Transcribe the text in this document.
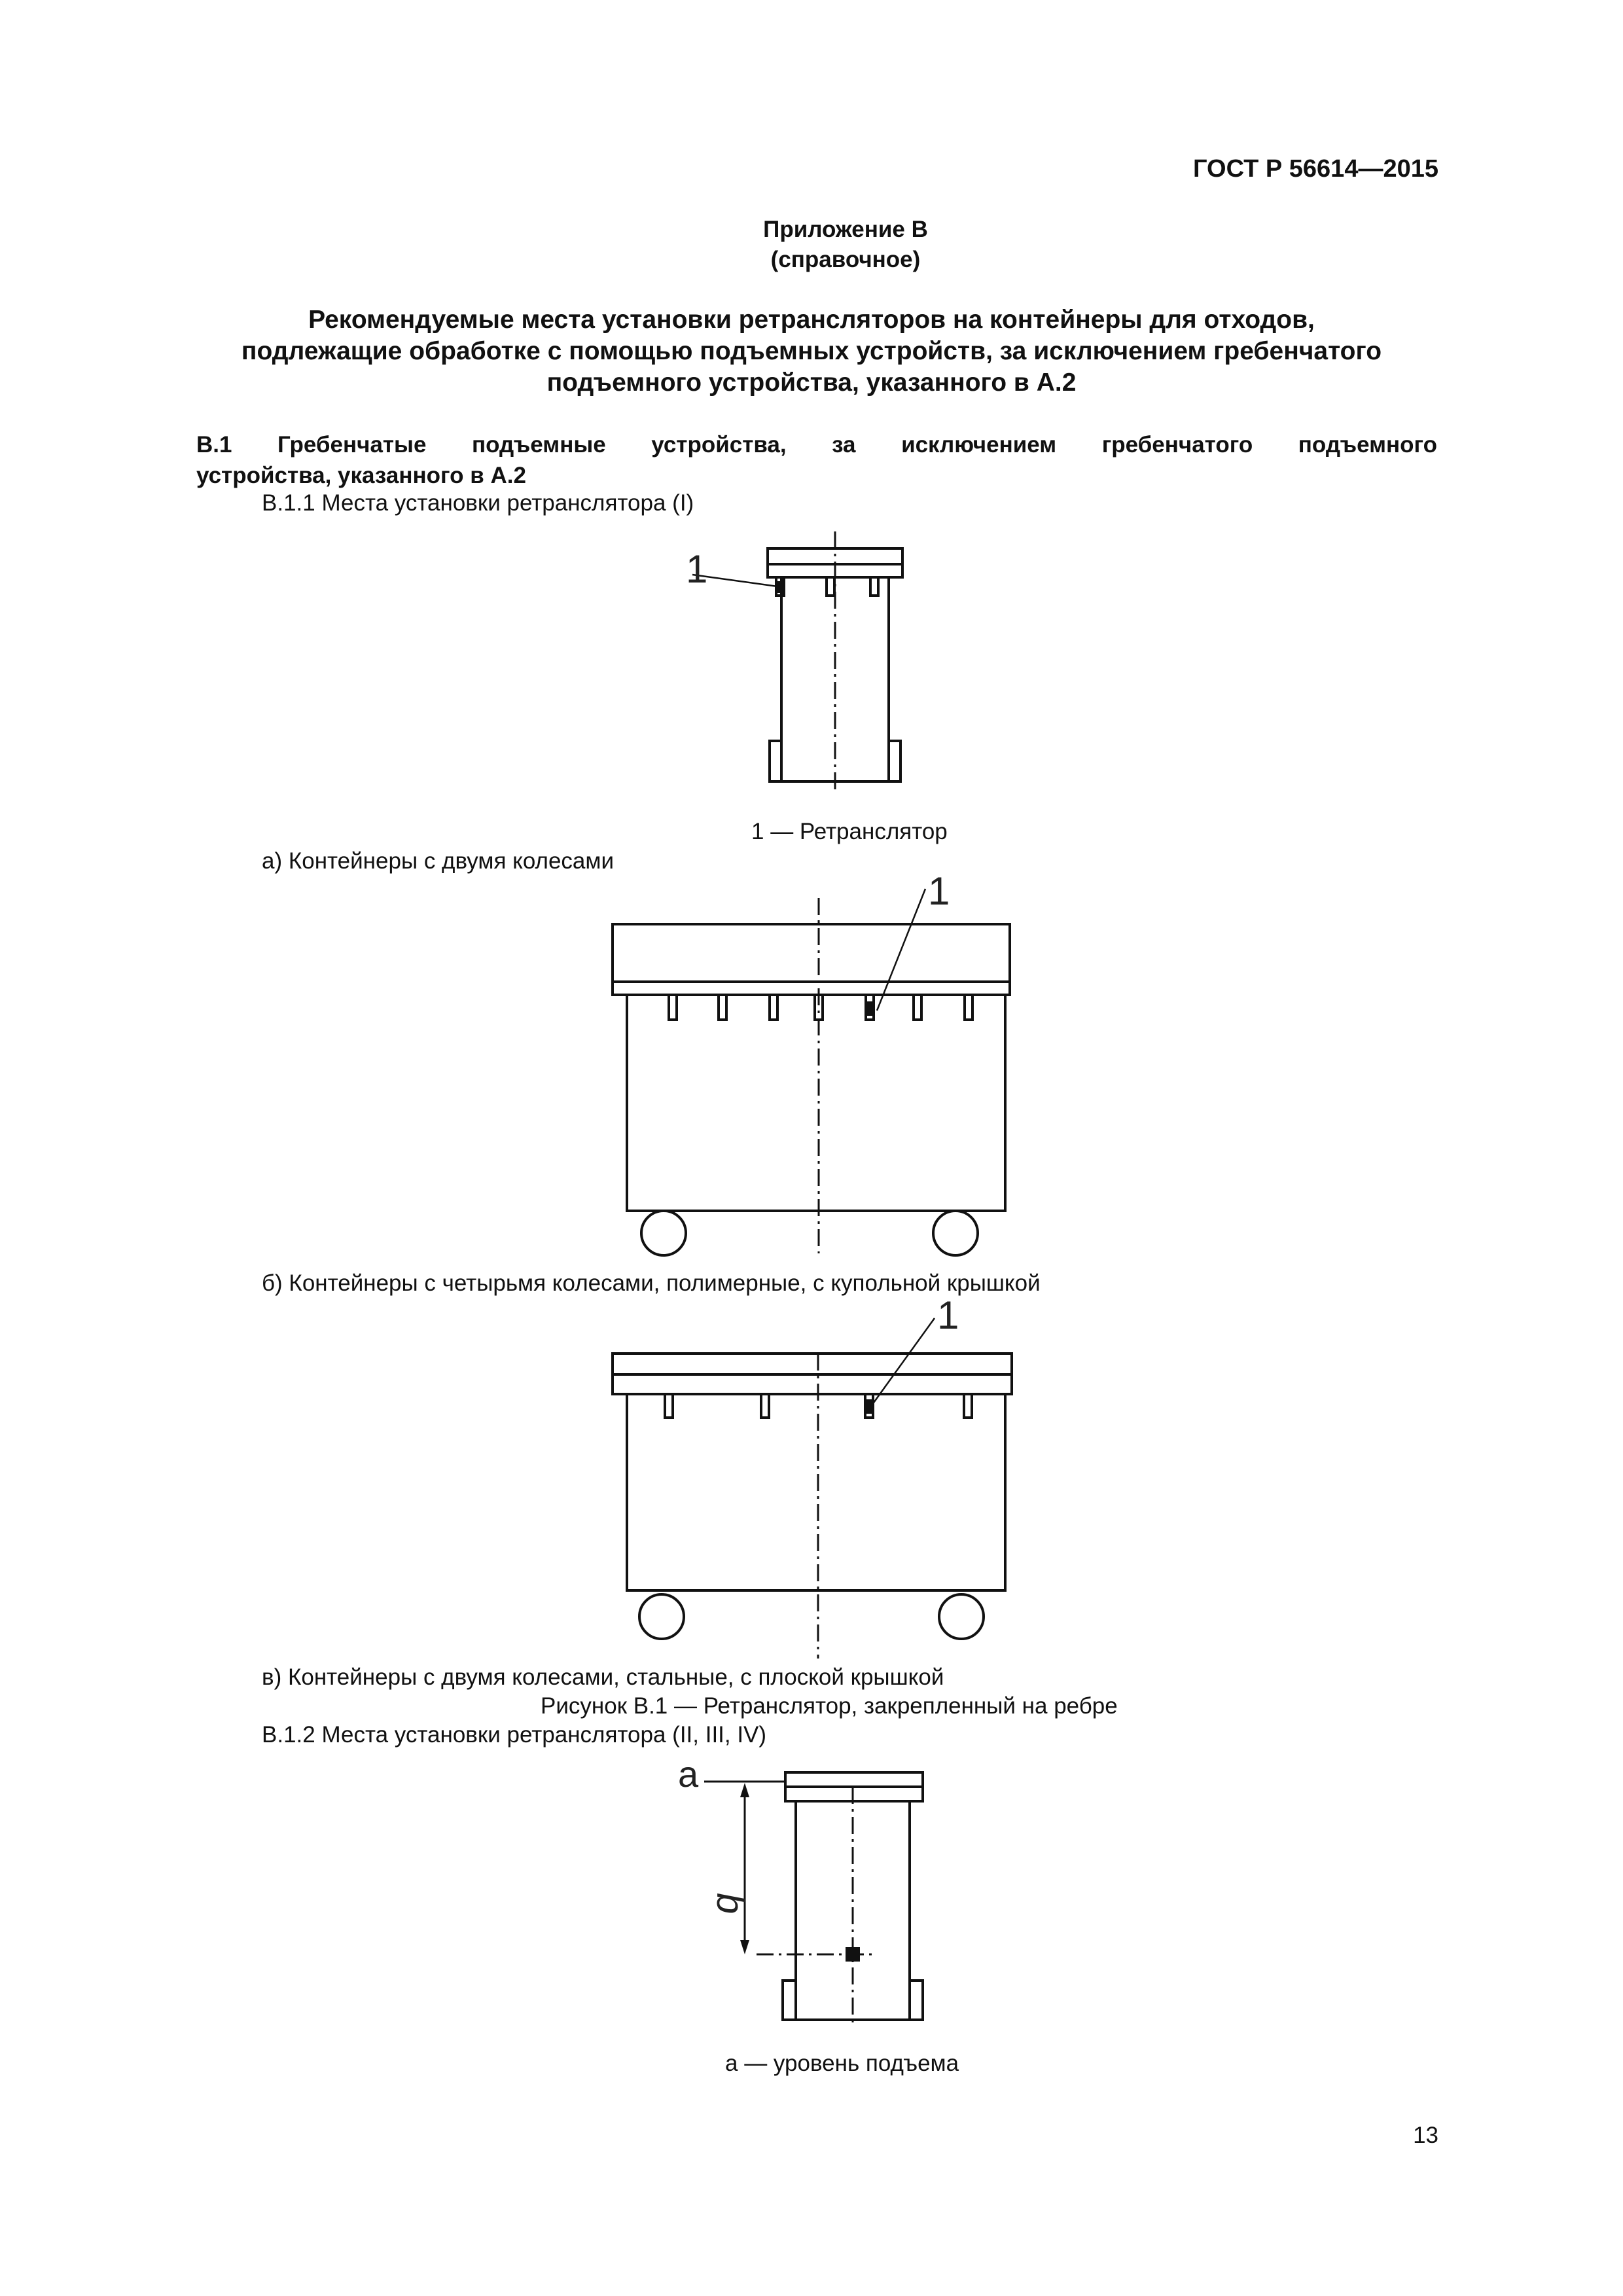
ГОСТ Р 56614—2015
Приложение В
(справочное)
Рекомендуемые места установки ретрансляторов на контейнеры для отходов,
подлежащие обработке с помощью подъемных устройств, за исключением гребенчатого
подъемного устройства, указанного в А.2
В.1 Гребенчатые подъемные устройства, за исключением гребенчатого подъемного
устройства, указанного в А.2
В.1.1 Места установки ретранслятора (I)
1
1 — Ретранслятор
а) Контейнеры с двумя колесами
1
б) Контейнеры с четырьмя колесами, полимерные, с купольной крышкой
1
в) Контейнеры с двумя колесами, стальные, с плоской крышкой
Рисунок В.1 — Ретранслятор, закрепленный на ребре
В.1.2 Места установки ретранслятора (II, III, IV)
a
b
a — уровень подъема
13
